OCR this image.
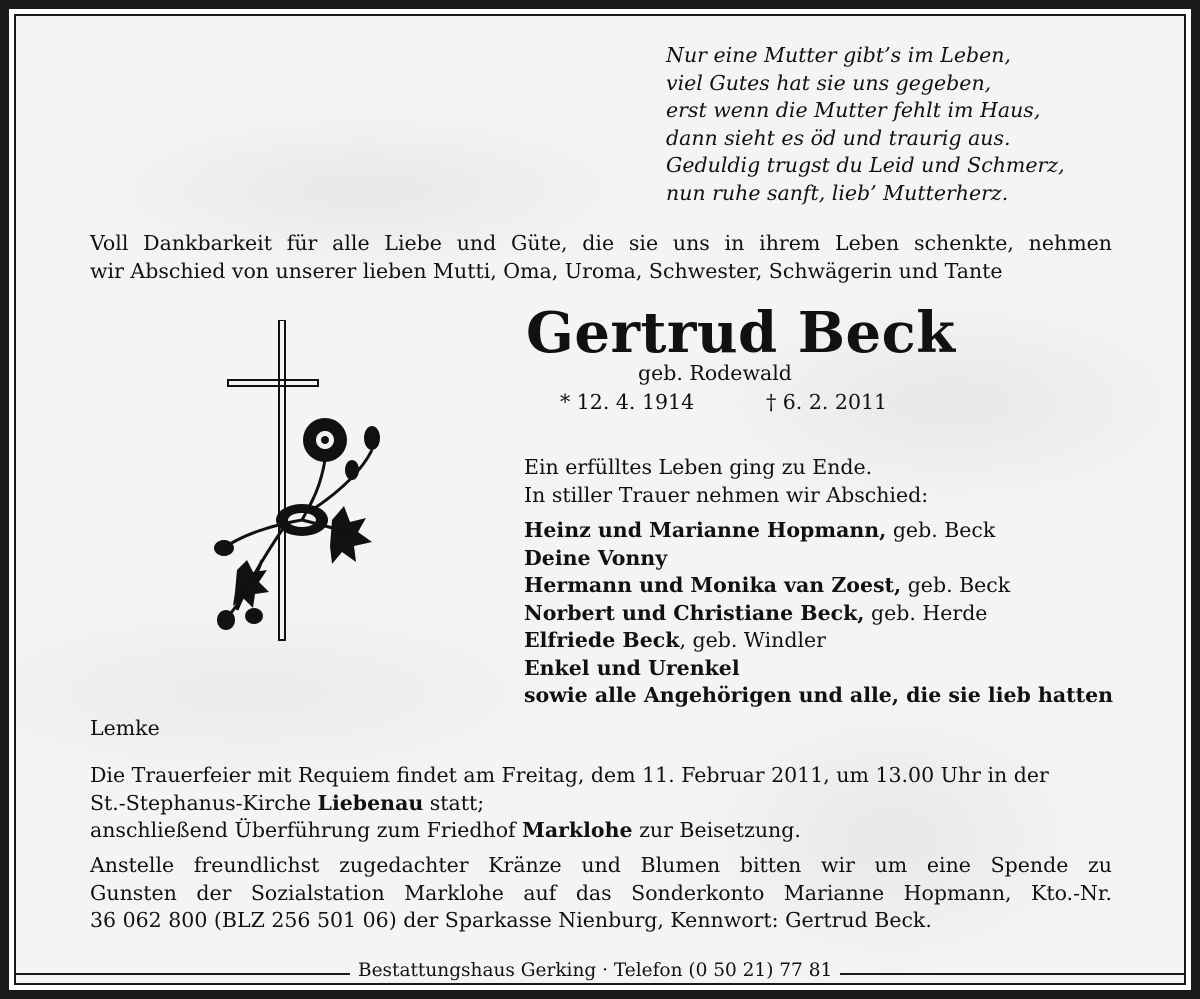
Nur eine Mutter gibt’s im Leben,
viel Gutes hat sie uns gegeben,
erst wenn die Mutter fehlt im Haus,
dann sieht es öd und traurig aus.
Geduldig trugst du Leid und Schmerz,
nun ruhe sanft, lieb’ Mutterherz.
Voll Dankbarkeit für alle Liebe und Güte, die sie uns in ihrem Leben schenkte, nehmen
wir Abschied von unserer lieben Mutti, Oma, Uroma, Schwester, Schwägerin und Tante
Gertrud Beck
geb. Rodewald
* 12. 4. 1914	† 6. 2. 2011
Ein erfülltes Leben ging zu Ende.
In stiller Trauer nehmen wir Abschied:
Heinz und Marianne Hopmann, geb. Beck
Deine Vonny
Hermann und Monika van Zoest, geb. Beck
Norbert und Christiane Beck, geb. Herde
Elfriede Beck, geb. Windler
Enkel und Urenkel
sowie alle Angehörigen und alle, die sie lieb hatten
Lemke
Die Trauerfeier mit Requiem findet am Freitag, dem 11. Februar 2011, um 13.00 Uhr in der
St.-Stephanus-Kirche Liebenau statt;
anschließend Überführung zum Friedhof Marklohe zur Beisetzung.
Anstelle freundlichst zugedachter Kränze und Blumen bitten wir um eine Spende zu
Gunsten der Sozialstation Marklohe auf das Sonderkonto Marianne Hopmann, Kto.-Nr.
36 062 800 (BLZ 256 501 06) der Sparkasse Nienburg, Kennwort: Gertrud Beck.
Bestattungshaus Gerking · Telefon (0 50 21) 77 81
